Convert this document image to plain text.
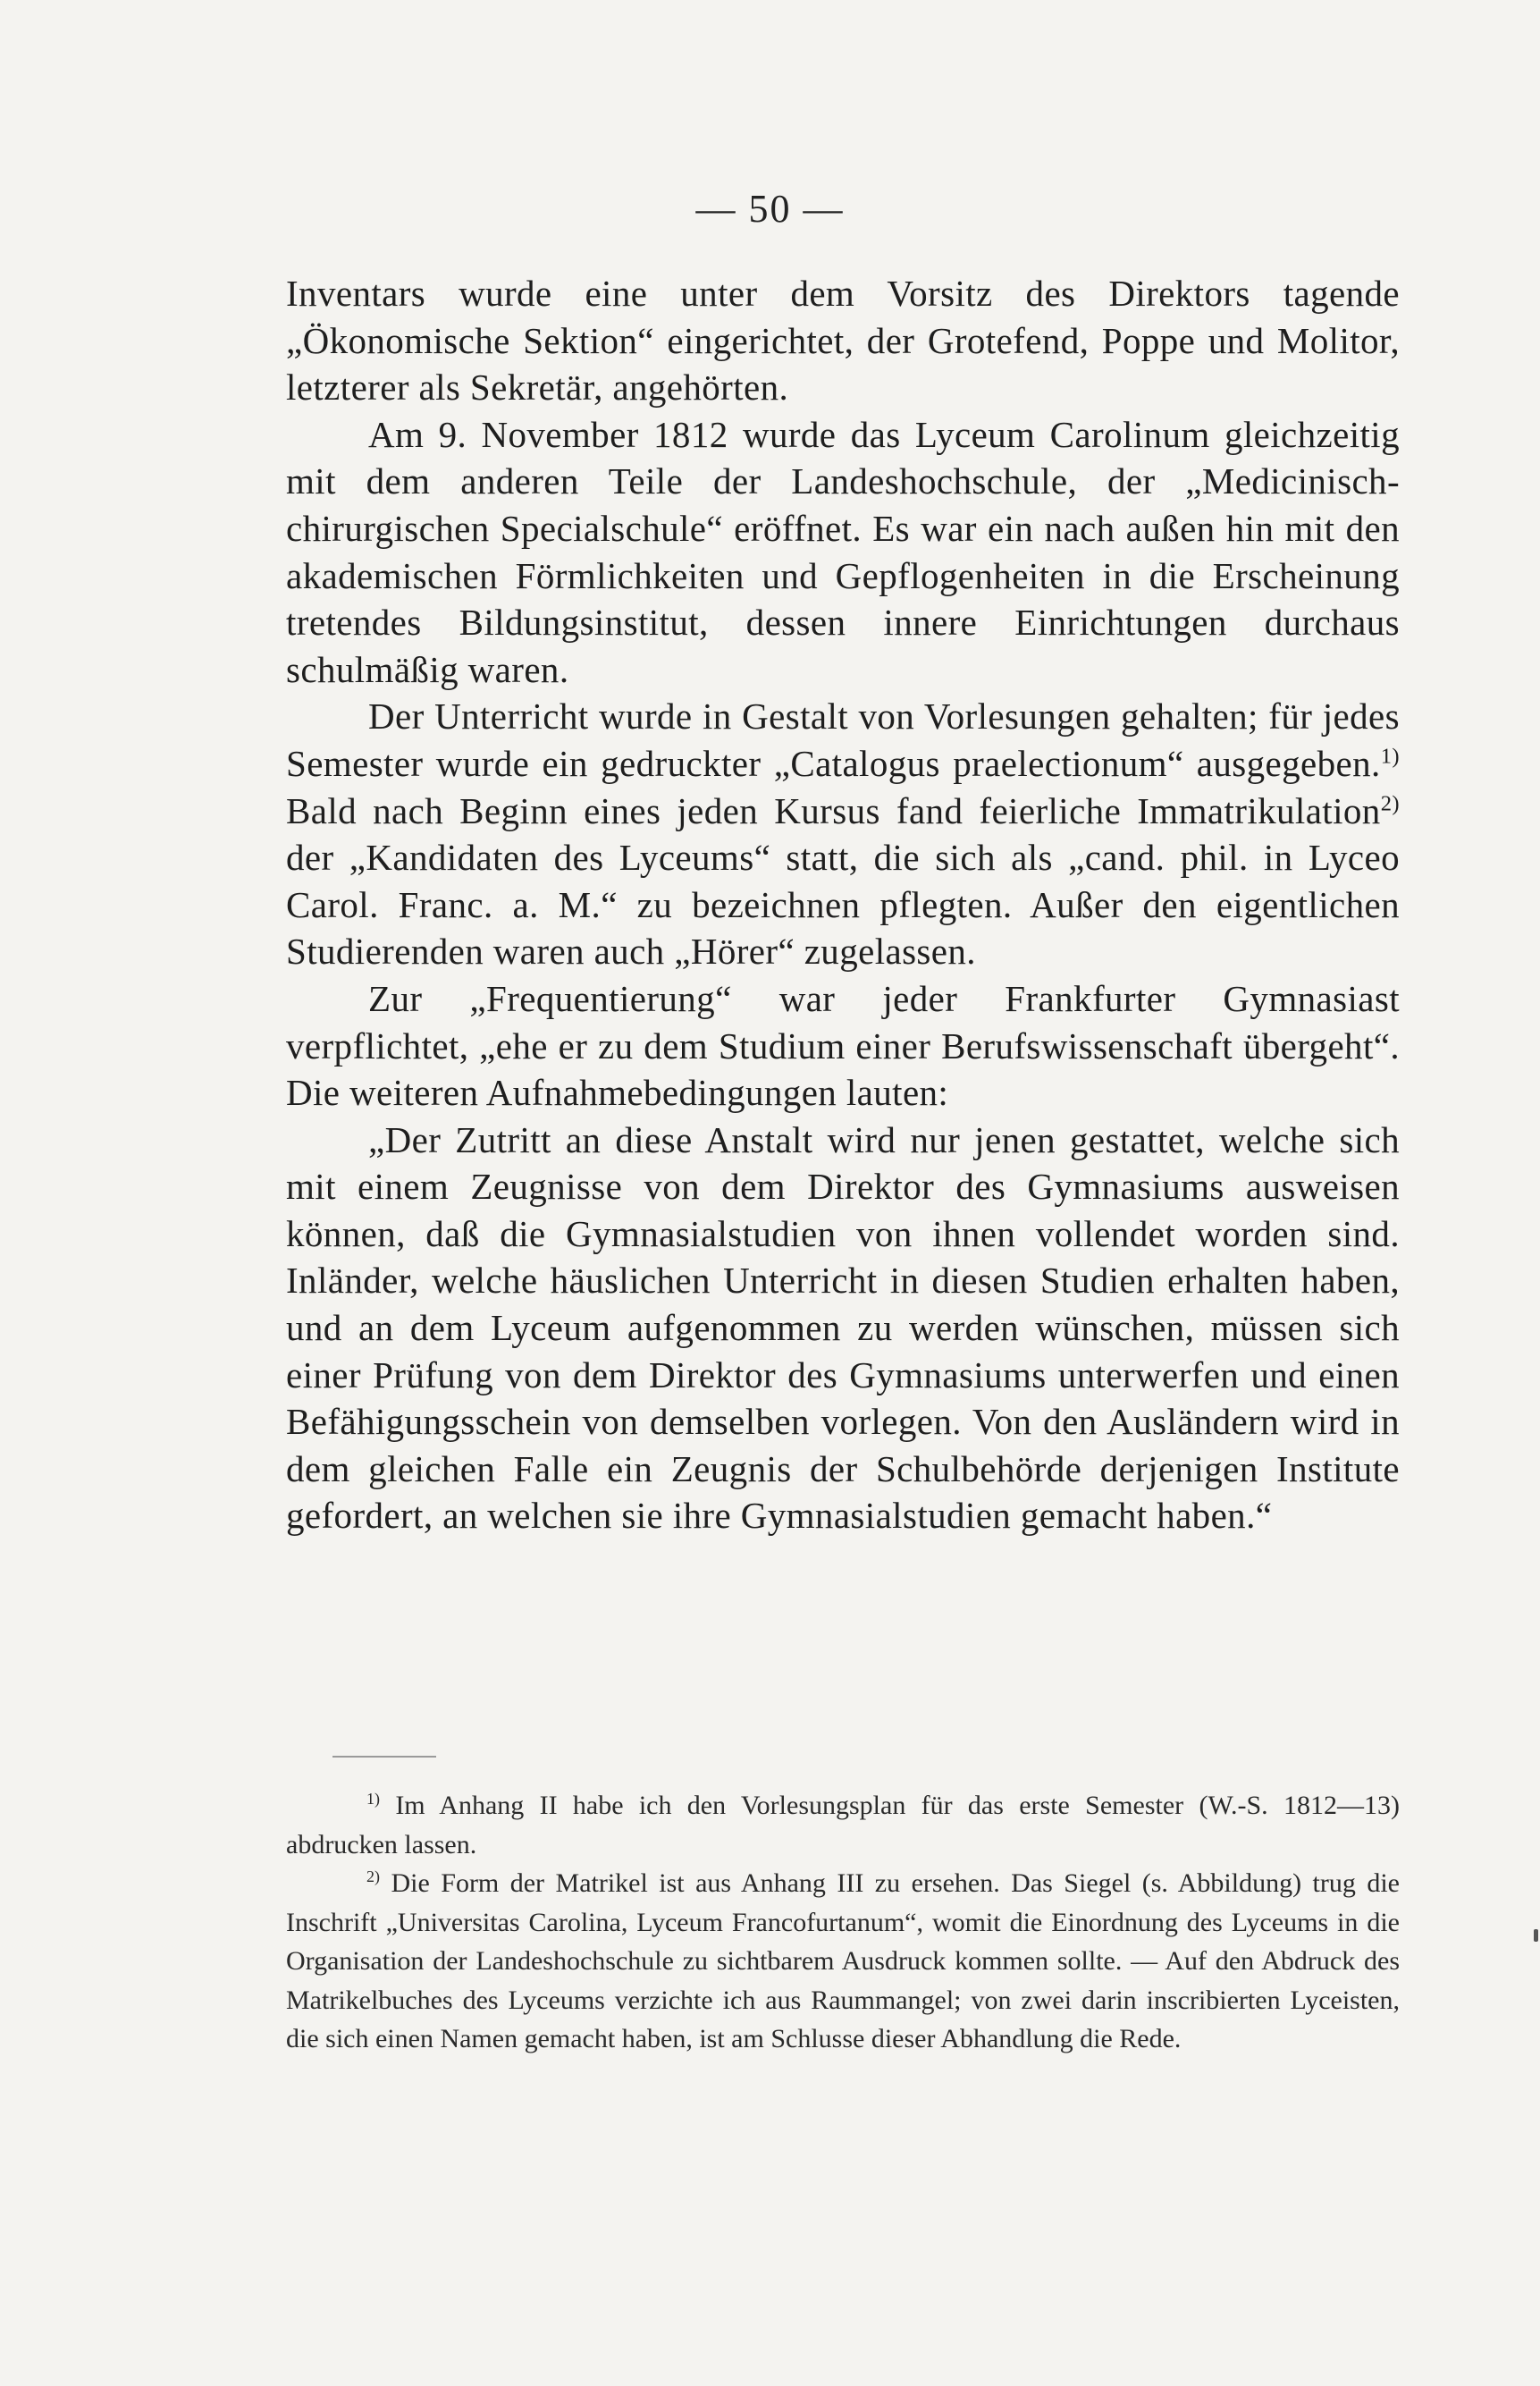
— 50 —

Inventars wurde eine unter dem Vorsitz des Direktors tagende „Ökonomische Sektion“ eingerichtet, der Grotefend, Poppe und Molitor, letzterer als Sekretär, angehörten.

Am 9. November 1812 wurde das Lyceum Carolinum gleichzeitig mit dem anderen Teile der Landeshochschule, der „Medicinisch-chirurgischen Specialschule“ eröffnet. Es war ein nach außen hin mit den akademischen Förmlichkeiten und Gepflogenheiten in die Erscheinung tretendes Bildungsinstitut, dessen innere Einrichtungen durchaus schulmäßig waren.

Der Unterricht wurde in Gestalt von Vorlesungen gehalten; für jedes Semester wurde ein gedruckter „Catalogus praelectionum“ ausgegeben.$^{1)}$ Bald nach Beginn eines jeden Kursus fand feierliche Immatrikulation$^{2)}$ der „Kandidaten des Lyceums“ statt, die sich als „cand. phil. in Lyceo Carol. Franc. a. M.“ zu bezeichnen pflegten. Außer den eigentlichen Studierenden waren auch „Hörer“ zugelassen.

Zur „Frequentierung“ war jeder Frankfurter Gymnasiast verpflichtet, „ehe er zu dem Studium einer Berufswissenschaft übergeht“. Die weiteren Aufnahmebedingungen lauten:

„Der Zutritt an diese Anstalt wird nur jenen gestattet, welche sich mit einem Zeugnisse von dem Direktor des Gymnasiums ausweisen können, daß die Gymnasialstudien von ihnen vollendet worden sind. Inländer, welche häuslichen Unterricht in diesen Studien erhalten haben, und an dem Lyceum aufgenommen zu werden wünschen, müssen sich einer Prüfung von dem Direktor des Gymnasiums unterwerfen und einen Befähigungsschein von demselben vorlegen. Von den Ausländern wird in dem gleichen Falle ein Zeugnis der Schulbehörde derjenigen Institute gefordert, an welchen sie ihre Gymnasialstudien gemacht haben.“

$^{1)}$ Im Anhang II habe ich den Vorlesungsplan für das erste Semester (W.-S. 1812—13) abdrucken lassen.

$^{2)}$ Die Form der Matrikel ist aus Anhang III zu ersehen. Das Siegel (s. Abbildung) trug die Inschrift „Universitas Carolina, Lyceum Francofurtanum“, womit die Einordnung des Lyceums in die Organisation der Landeshochschule zu sichtbarem Ausdruck kommen sollte. — Auf den Abdruck des Matrikelbuches des Lyceums verzichte ich aus Raummangel; von zwei darin inscribierten Lyceisten, die sich einen Namen gemacht haben, ist am Schlusse dieser Abhandlung die Rede.
